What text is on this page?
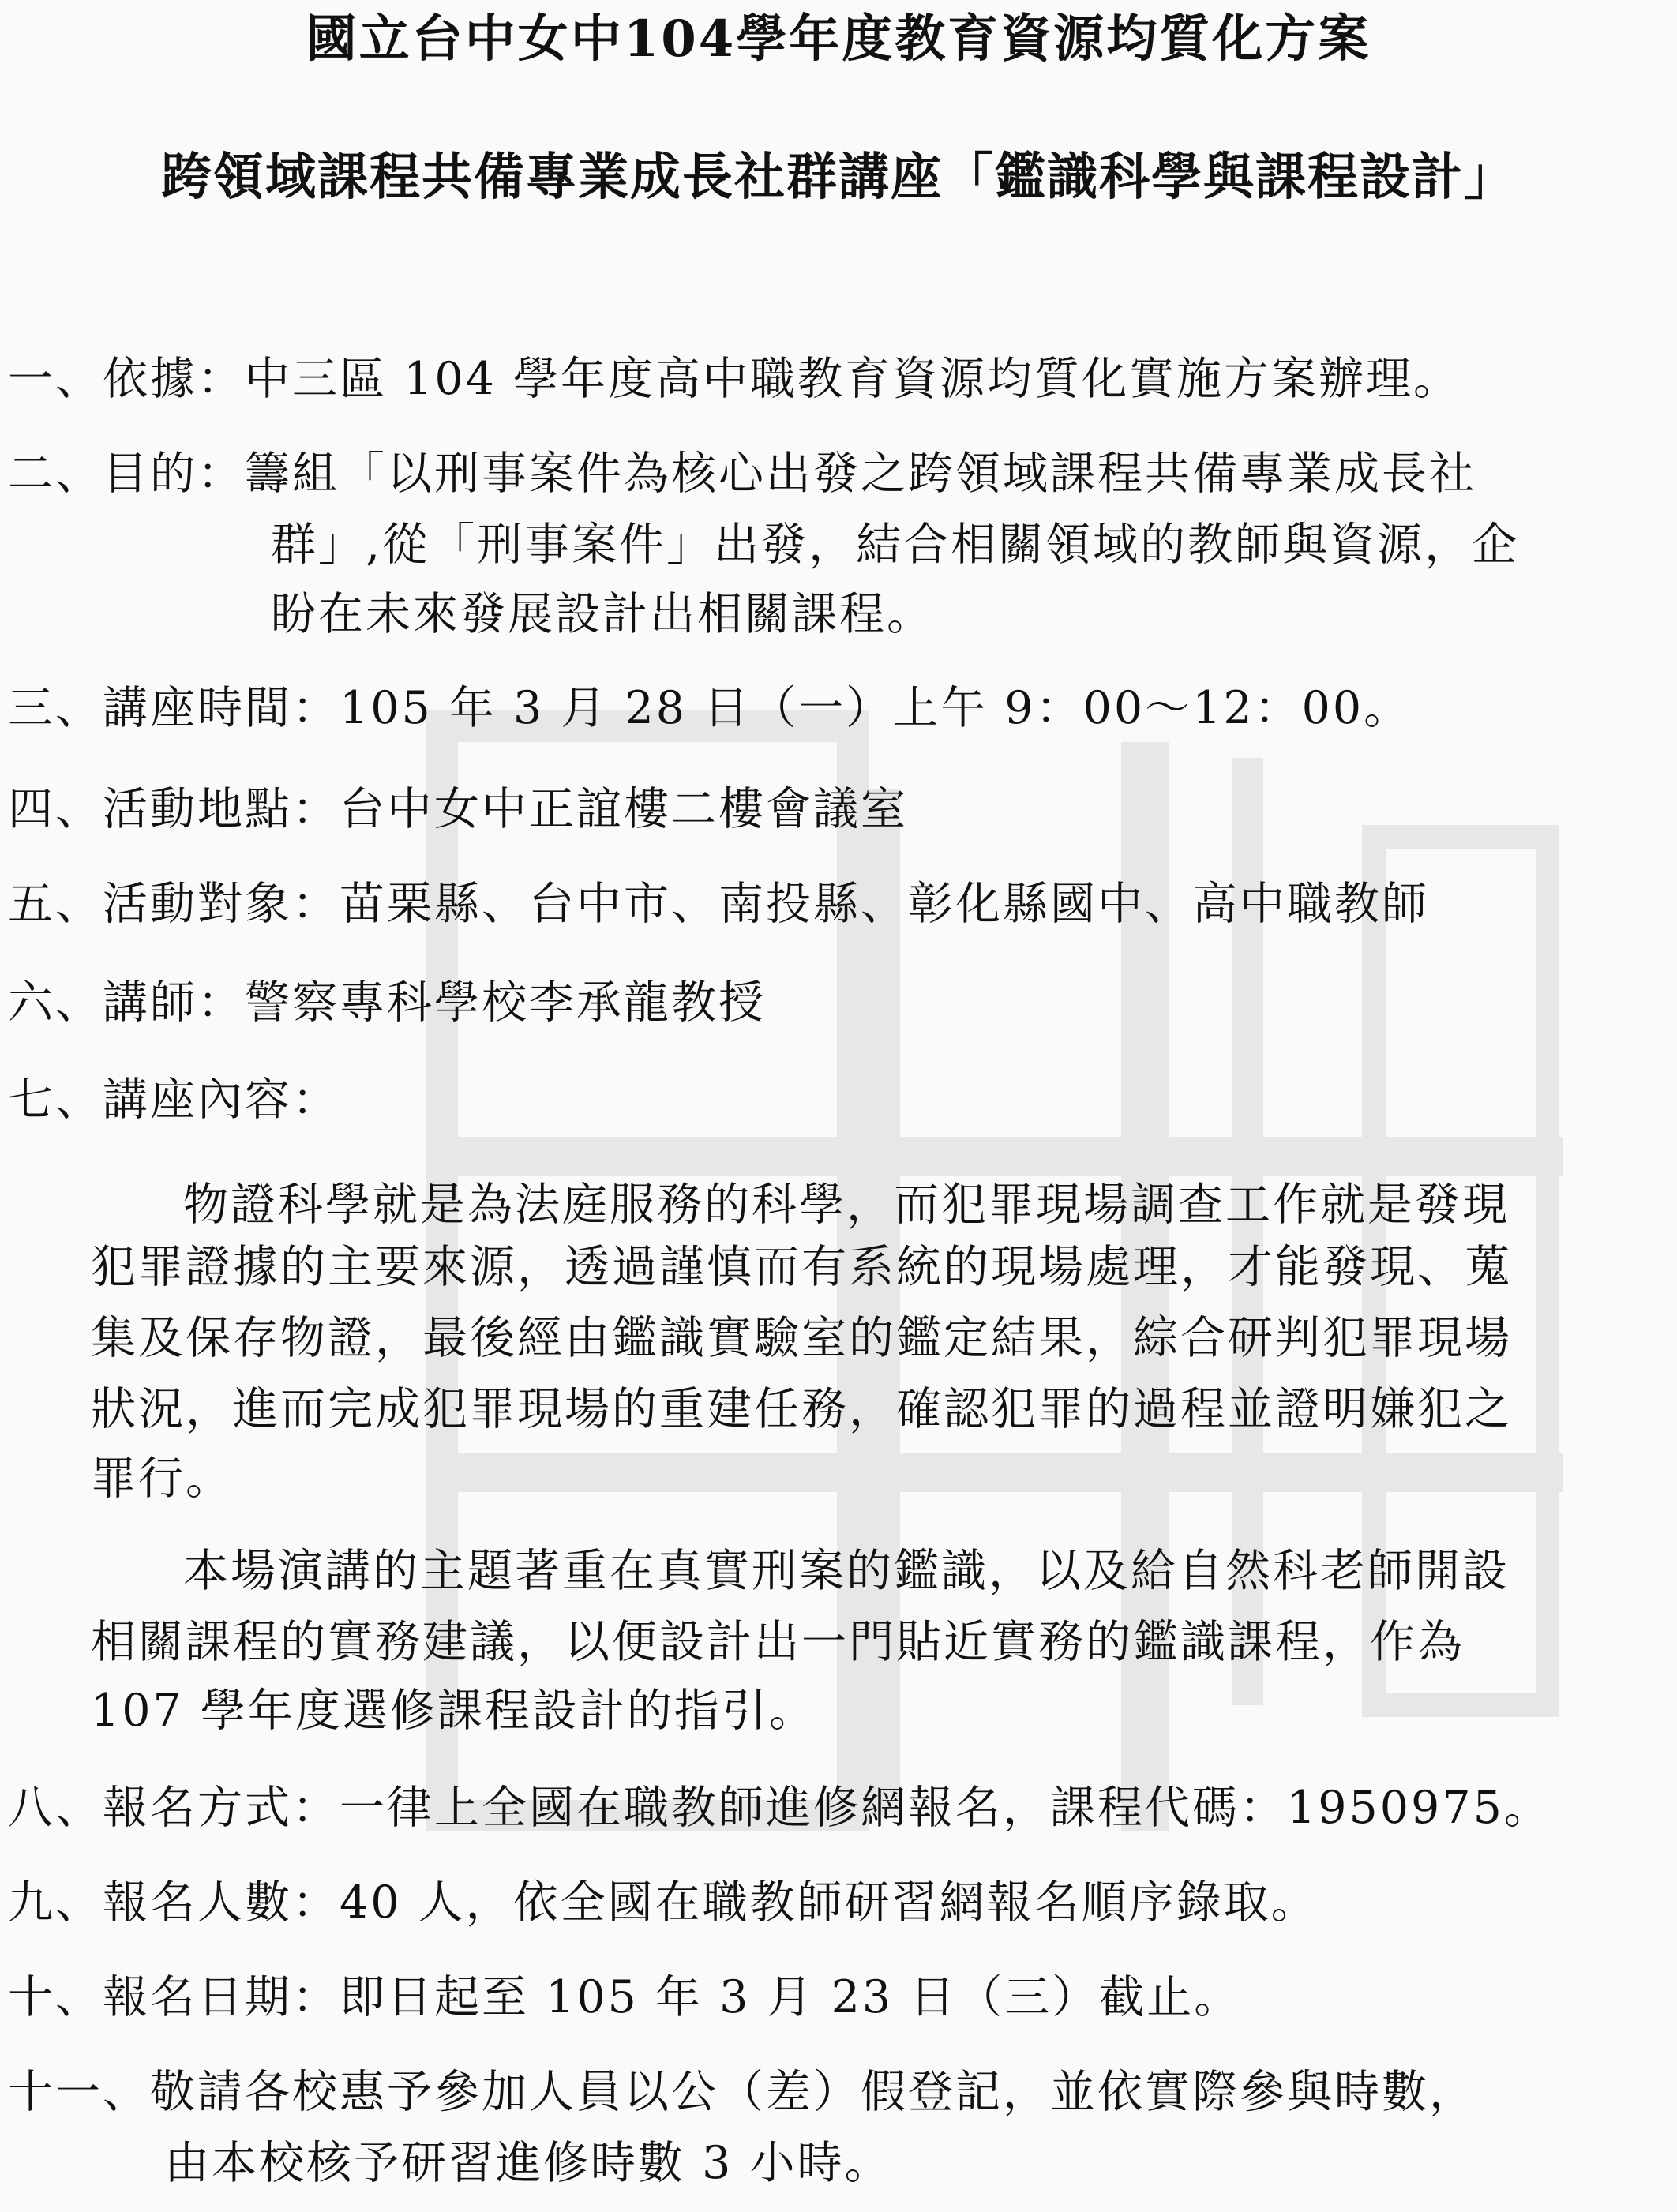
國立台中女中104學年度教育資源均質化方案
跨領域課程共備專業成長社群講座「鑑識科學與課程設計」
一、依據：中三區 104 學年度高中職教育資源均質化實施方案辦理。
二、目的：籌組「以刑事案件為核心出發之跨領域課程共備專業成長社
群」,從「刑事案件」出發，結合相關領域的教師與資源，企
盼在未來發展設計出相關課程。
三、講座時間：105 年 3 月 28 日（一）上午 9：00～12：00。
四、活動地點：台中女中正誼樓二樓會議室
五、活動對象：苗栗縣、台中市、南投縣、彰化縣國中、高中職教師
六、講師：警察專科學校李承龍教授
七、講座內容：
物證科學就是為法庭服務的科學，而犯罪現場調查工作就是發現
犯罪證據的主要來源，透過謹慎而有系統的現場處理，才能發現、蒐
集及保存物證，最後經由鑑識實驗室的鑑定結果，綜合研判犯罪現場
狀況，進而完成犯罪現場的重建任務，確認犯罪的過程並證明嫌犯之
罪行。
本場演講的主題著重在真實刑案的鑑識，以及給自然科老師開設
相關課程的實務建議，以便設計出一門貼近實務的鑑識課程，作為
107 學年度選修課程設計的指引。
八、報名方式：一律上全國在職教師進修網報名，課程代碼：1950975。
九、報名人數：40 人，依全國在職教師研習網報名順序錄取。
十、報名日期：即日起至 105 年 3 月 23 日（三）截止。
十一、敬請各校惠予參加人員以公（差）假登記，並依實際參與時數，
由本校核予研習進修時數 3 小時。
